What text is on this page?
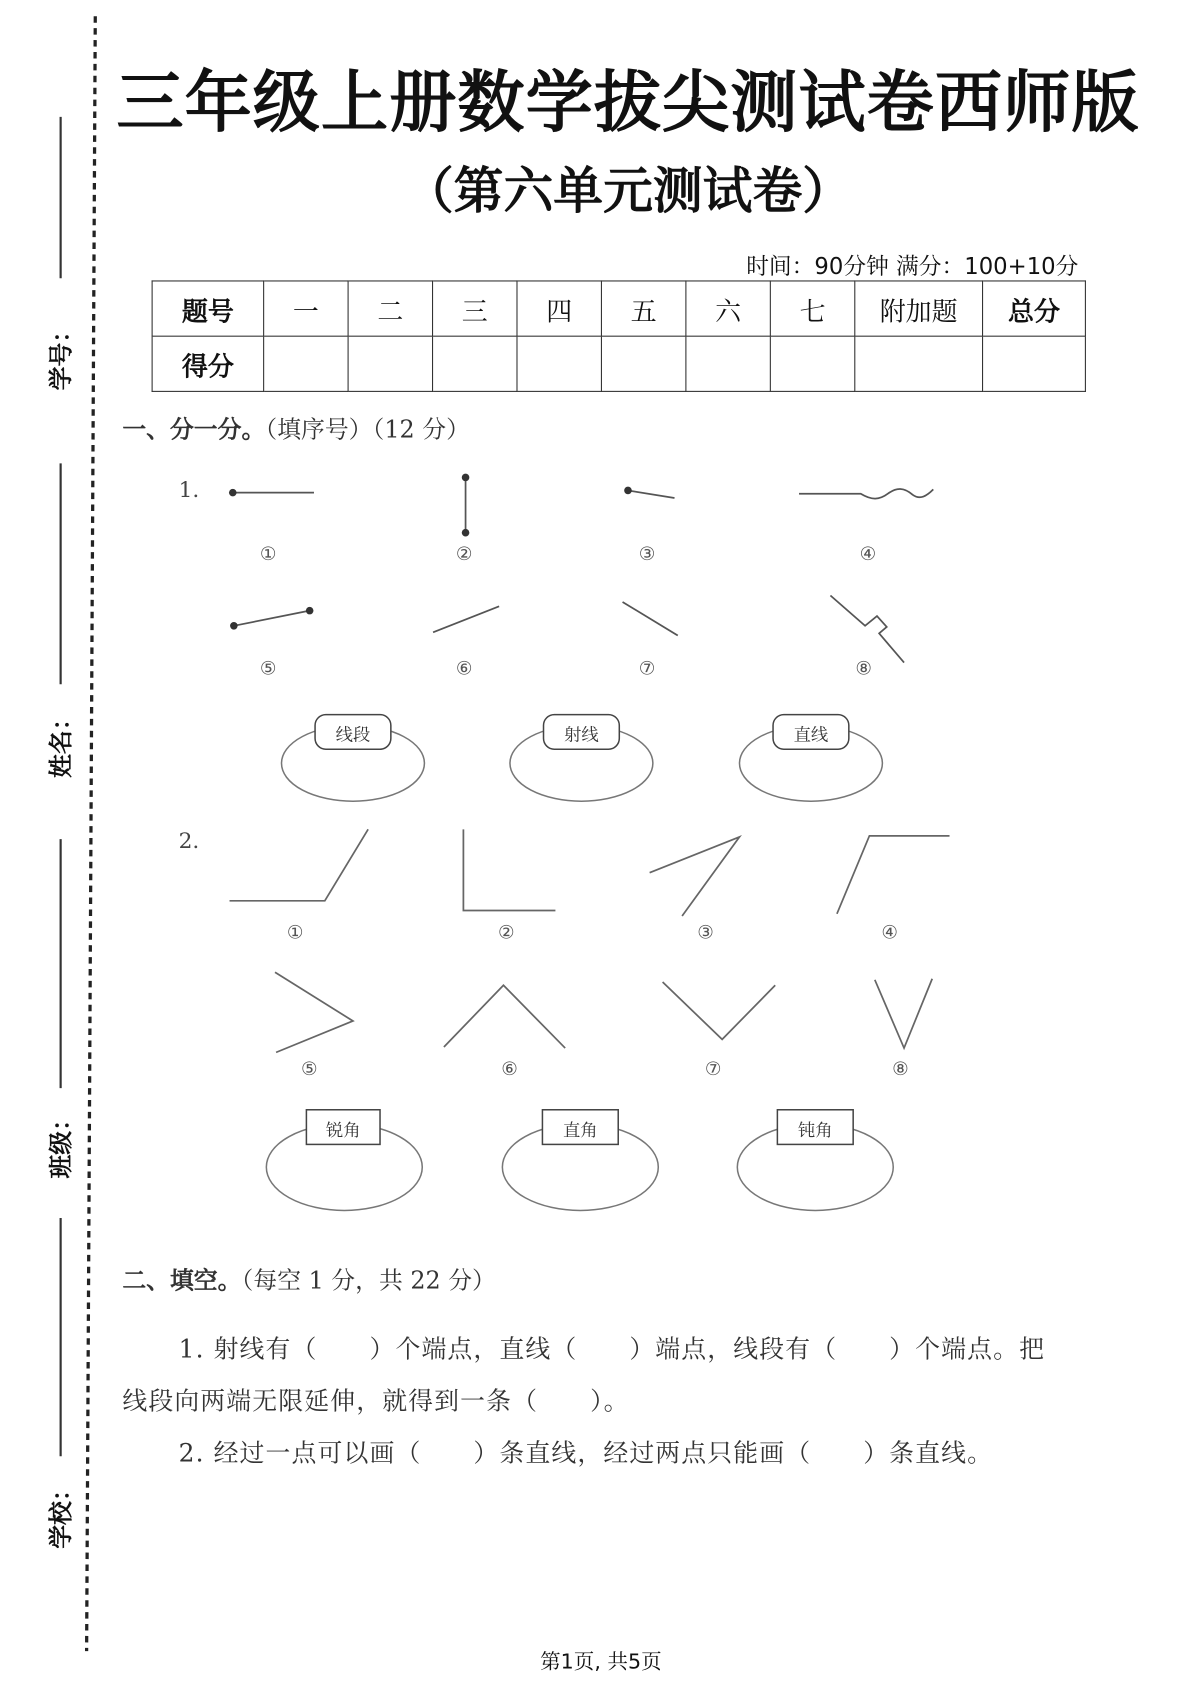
学号：
姓名：
班级：
学校：
三年级上册数学拔尖测试卷西师版
（第六单元测试卷）
时间：90分钟 满分：100+10分
题号	一	二	三	四	五	六	七	附加题	总分
得分									
一、分一分。（填序号）（12 分）
1.
①	②	③	④
⑤	⑥	⑦	⑧
线段	射线	直线
2.
①	②	③	④
⑤	⑥	⑦	⑧
锐角	直角	钝角
二、填空。（每空 1 分，共 22 分）
1. 射线有（　　）个端点，直线（　　）端点，线段有（　　）个端点。把
线段向两端无限延伸，就得到一条（　　）。
2. 经过一点可以画（　　）条直线，经过两点只能画（　　）条直线。
第1页, 共5页
